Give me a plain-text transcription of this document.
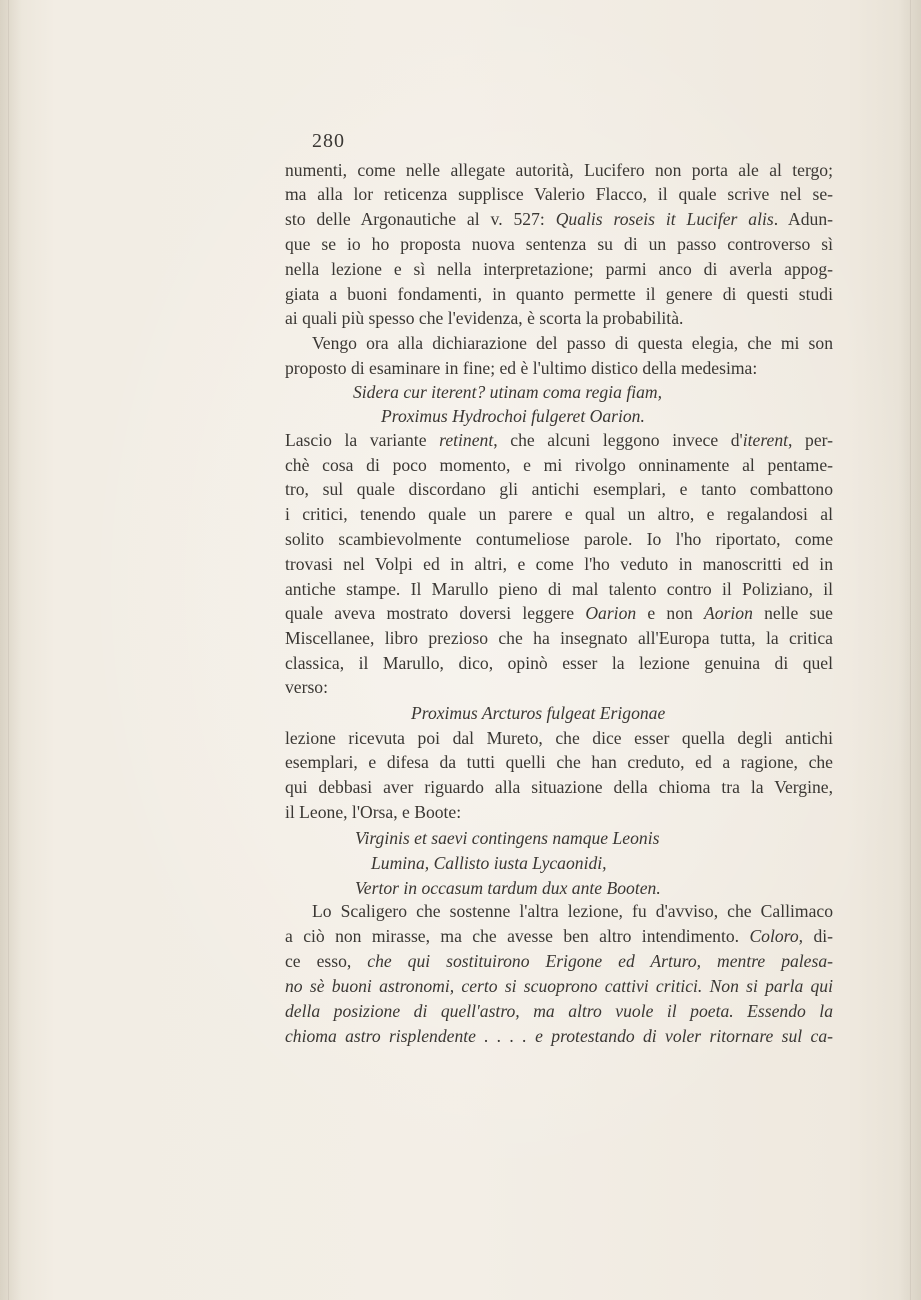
280
numenti, come nelle allegate autorità, Lucifero non porta ale al tergo;
ma alla lor reticenza supplisce Valerio Flacco, il quale scrive nel se-
sto delle Argonautiche al v. 527: Qualis roseis it Lucifer alis. Adun-
que se io ho proposta nuova sentenza su di un passo controverso sì
nella lezione e sì nella interpretazione; parmi anco di averla appog-
giata a buoni fondamenti, in quanto permette il genere di questi studi
ai quali più spesso che l'evidenza, è scorta la probabilità.
Vengo ora alla dichiarazione del passo di questa elegia, che mi son
proposto di esaminare in fine; ed è l'ultimo distico della medesima:
Sidera cur iterent? utinam coma regia fiam,
Proximus Hydrochoi fulgeret Oarion.
Lascio la variante retinent, che alcuni leggono invece d'iterent, per-
chè cosa di poco momento, e mi rivolgo onninamente al pentame-
tro, sul quale discordano gli antichi esemplari, e tanto combattono
i critici, tenendo quale un parere e qual un altro, e regalandosi al
solito scambievolmente contumeliose parole. Io l'ho riportato, come
trovasi nel Volpi ed in altri, e come l'ho veduto in manoscritti ed in
antiche stampe. Il Marullo pieno di mal talento contro il Poliziano, il
quale aveva mostrato doversi leggere Oarion e non Aorion nelle sue
Miscellanee, libro prezioso che ha insegnato all'Europa tutta, la critica
classica, il Marullo, dico, opinò esser la lezione genuina di quel
verso:
Proximus Arcturos fulgeat Erigonae
lezione ricevuta poi dal Mureto, che dice esser quella degli antichi
esemplari, e difesa da tutti quelli che han creduto, ed a ragione, che
qui debbasi aver riguardo alla situazione della chioma tra la Vergine,
il Leone, l'Orsa, e Boote:
Virginis et saevi contingens namque Leonis
Lumina, Callisto iusta Lycaonidi,
Vertor in occasum tardum dux ante Booten.
Lo Scaligero che sostenne l'altra lezione, fu d'avviso, che Callimaco
a ciò non mirasse, ma che avesse ben altro intendimento. Coloro, di-
ce esso, che qui sostituirono Erigone ed Arturo, mentre palesa-
no sè buoni astronomi, certo si scuoprono cattivi critici. Non si parla qui
della posizione di quell'astro, ma altro vuole il poeta. Essendo la
chioma astro risplendente . . . . e protestando di voler ritornare sul ca-
